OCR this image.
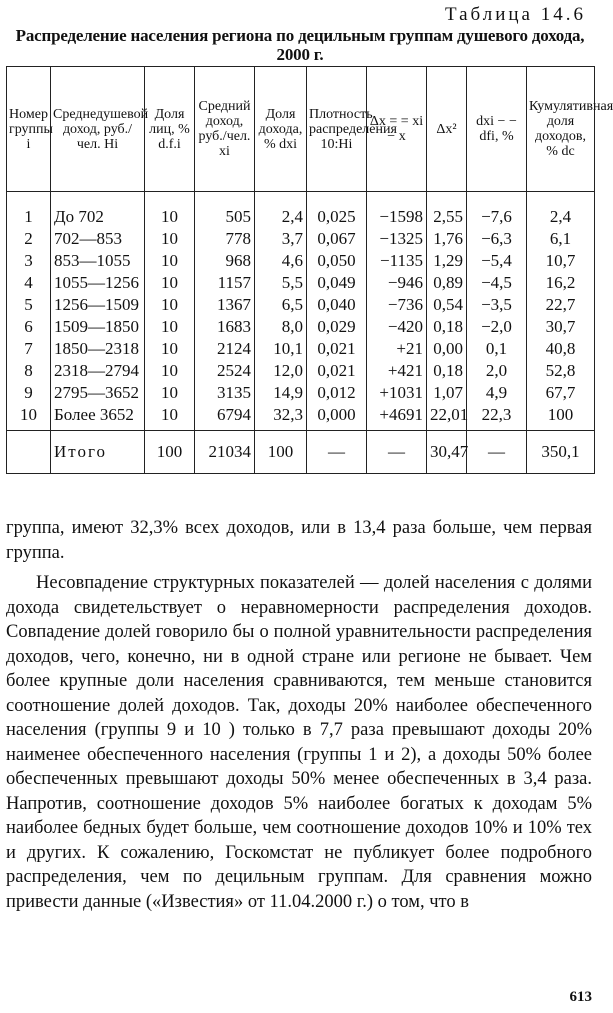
Таблица 14.6
Распределение населения региона по децильным группам душевого дохода, 2000 г.
Номер группы i	Среднедушевой доход, руб./чел. Hi	Доля лиц, % d.f.i	Средний доход, руб./чел. xi	Доля дохода, % dxi	Плотность распределения 10:Hi	Δx = = xi − x	Δx²	dxi − − dfi, %	Кумулятивная доля доходов, % dc
1	До 702	10	505	2,4	0,025	−1598	2,55	−7,6	2,4
2	702—853	10	778	3,7	0,067	−1325	1,76	−6,3	6,1
3	853—1055	10	968	4,6	0,050	−1135	1,29	−5,4	10,7
4	1055—1256	10	1157	5,5	0,049	−946	0,89	−4,5	16,2
5	1256—1509	10	1367	6,5	0,040	−736	0,54	−3,5	22,7
6	1509—1850	10	1683	8,0	0,029	−420	0,18	−2,0	30,7
7	1850—2318	10	2124	10,1	0,021	+21	0,00	0,1	40,8
8	2318—2794	10	2524	12,0	0,021	+421	0,18	2,0	52,8
9	2795—3652	10	3135	14,9	0,012	+1031	1,07	4,9	67,7
10	Более 3652	10	6794	32,3	0,000	+4691	22,01	22,3	100

	Итого	100	21034	100	—	—	30,47	—	350,1
группа, имеют 32,3% всех доходов, или в 13,4 раза больше, чем первая группа.
Несовпадение структурных показателей — долей населения с долями дохода свидетельствует о неравномерности распределения доходов. Совпадение долей говорило бы о полной уравнительности распределения доходов, чего, конечно, ни в одной стране или регионе не бывает. Чем более крупные доли населения сравниваются, тем меньше становится соотношение долей доходов. Так, доходы 20% наиболее обеспеченного населения (группы 9 и 10 ) только в 7,7 раза превышают доходы 20% наименее обеспеченного населения (группы 1 и 2), а доходы 50% более обеспеченных превышают доходы 50% менее обеспеченных в 3,4 раза. Напротив, соотношение доходов 5% наиболее богатых к доходам 5% наиболее бедных будет больше, чем соотношение доходов 10% и 10% тех и других. К сожалению, Госкомстат не публикует более подробного распределения, чем по децильным группам. Для сравнения можно привести данные («Известия» от 11.04.2000 г.) о том, что в
613
